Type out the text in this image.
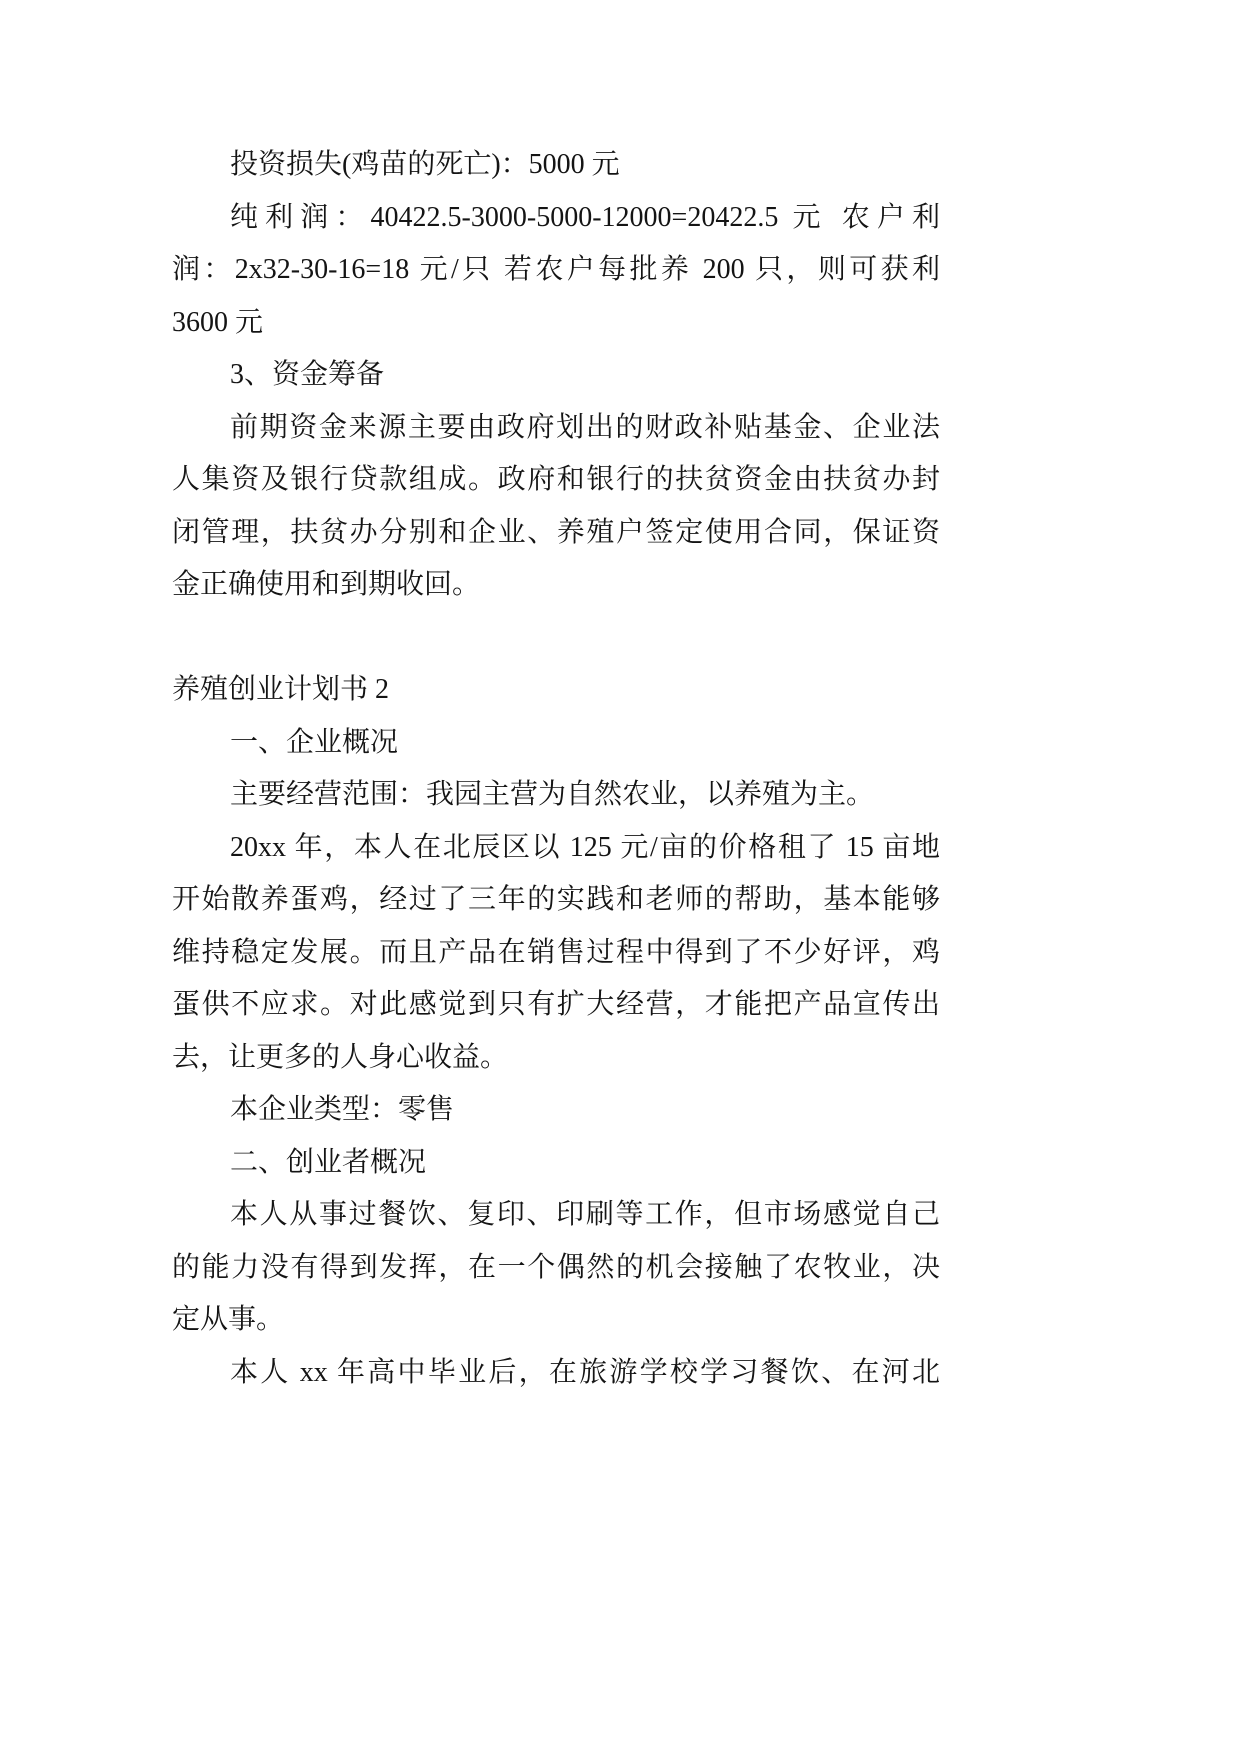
投资损失(鸡苗的死亡)：5000 元
纯利润：40422.5-3000-5000-12000=20422.5 元 农户利
润：2x32-30-16=18 元/只 若农户每批养 200 只，则可获利
3600 元
3、资金筹备
前期资金来源主要由政府划出的财政补贴基金、企业法
人集资及银行贷款组成。政府和银行的扶贫资金由扶贫办封
闭管理，扶贫办分别和企业、养殖户签定使用合同，保证资
金正确使用和到期收回。
养殖创业计划书 2
一、企业概况
主要经营范围：我园主营为自然农业，以养殖为主。
20xx 年，本人在北辰区以 125 元/亩的价格租了 15 亩地
开始散养蛋鸡，经过了三年的实践和老师的帮助，基本能够
维持稳定发展。而且产品在销售过程中得到了不少好评，鸡
蛋供不应求。对此感觉到只有扩大经营，才能把产品宣传出
去，让更多的人身心收益。
本企业类型：零售
二、创业者概况
本人从事过餐饮、复印、印刷等工作，但市场感觉自己
的能力没有得到发挥，在一个偶然的机会接触了农牧业，决
定从事。
本人 xx 年高中毕业后，在旅游学校学习餐饮、在河北
